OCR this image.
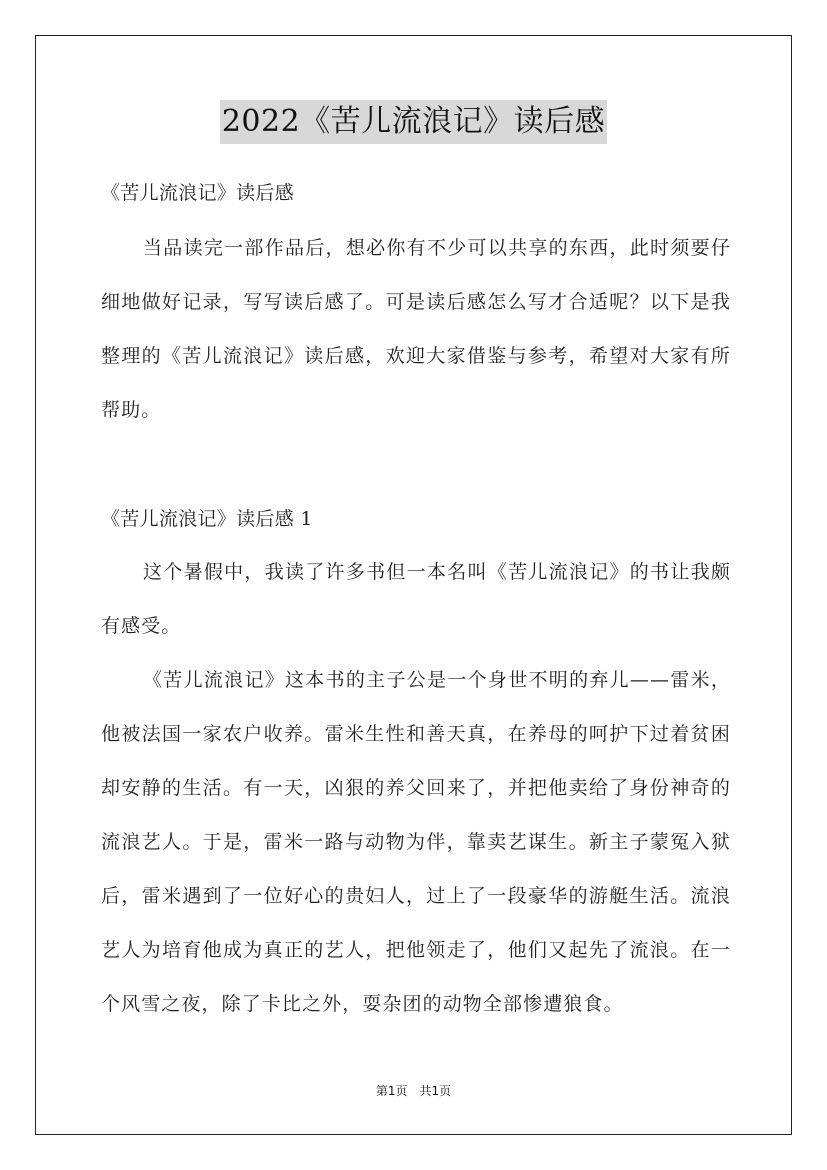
2022《苦儿流浪记》读后感
《苦儿流浪记》读后感
当品读完一部作品后，想必你有不少可以共享的东西，此时须要仔细地做好记录，写写读后感了。可是读后感怎么写才合适呢？以下是我整理的《苦儿流浪记》读后感，欢迎大家借鉴与参考，希望对大家有所帮助。
《苦儿流浪记》读后感 1
这个暑假中，我读了许多书但一本名叫《苦儿流浪记》的书让我颇有感受。
《苦儿流浪记》这本书的主子公是一个身世不明的弃儿——雷米，他被法国一家农户收养。雷米生性和善天真，在养母的呵护下过着贫困却安静的生活。有一天，凶狠的养父回来了，并把他卖给了身份神奇的流浪艺人。于是，雷米一路与动物为伴，靠卖艺谋生。新主子蒙冤入狱后，雷米遇到了一位好心的贵妇人，过上了一段豪华的游艇生活。流浪艺人为培育他成为真正的艺人，把他领走了，他们又起先了流浪。在一个风雪之夜，除了卡比之外，耍杂团的动物全部惨遭狼食。
第1页 共1页
